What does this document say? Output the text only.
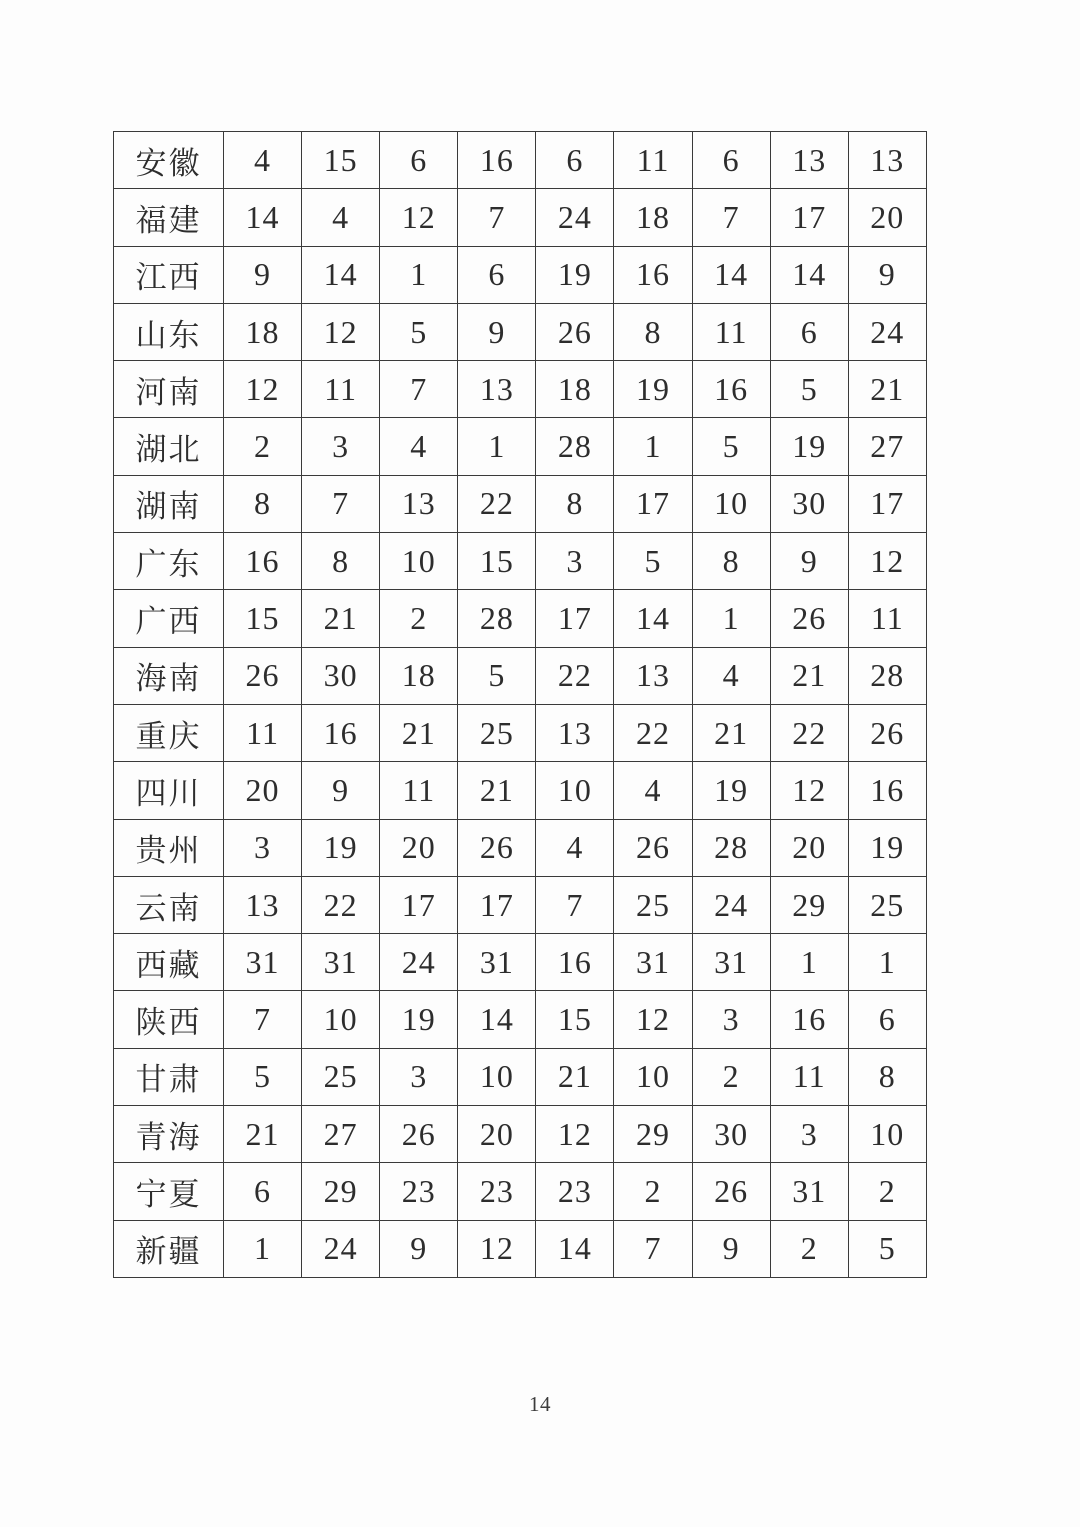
安徽	4	15	6	16	6	11	6	13	13
福建	14	4	12	7	24	18	7	17	20
江西	9	14	1	6	19	16	14	14	9
山东	18	12	5	9	26	8	11	6	24
河南	12	11	7	13	18	19	16	5	21
湖北	2	3	4	1	28	1	5	19	27
湖南	8	7	13	22	8	17	10	30	17
广东	16	8	10	15	3	5	8	9	12
广西	15	21	2	28	17	14	1	26	11
海南	26	30	18	5	22	13	4	21	28
重庆	11	16	21	25	13	22	21	22	26
四川	20	9	11	21	10	4	19	12	16
贵州	3	19	20	26	4	26	28	20	19
云南	13	22	17	17	7	25	24	29	25
西藏	31	31	24	31	16	31	31	1	1
陕西	7	10	19	14	15	12	3	16	6
甘肃	5	25	3	10	21	10	2	11	8
青海	21	27	26	20	12	29	30	3	10
宁夏	6	29	23	23	23	2	26	31	2
新疆	1	24	9	12	14	7	9	2	5
14
